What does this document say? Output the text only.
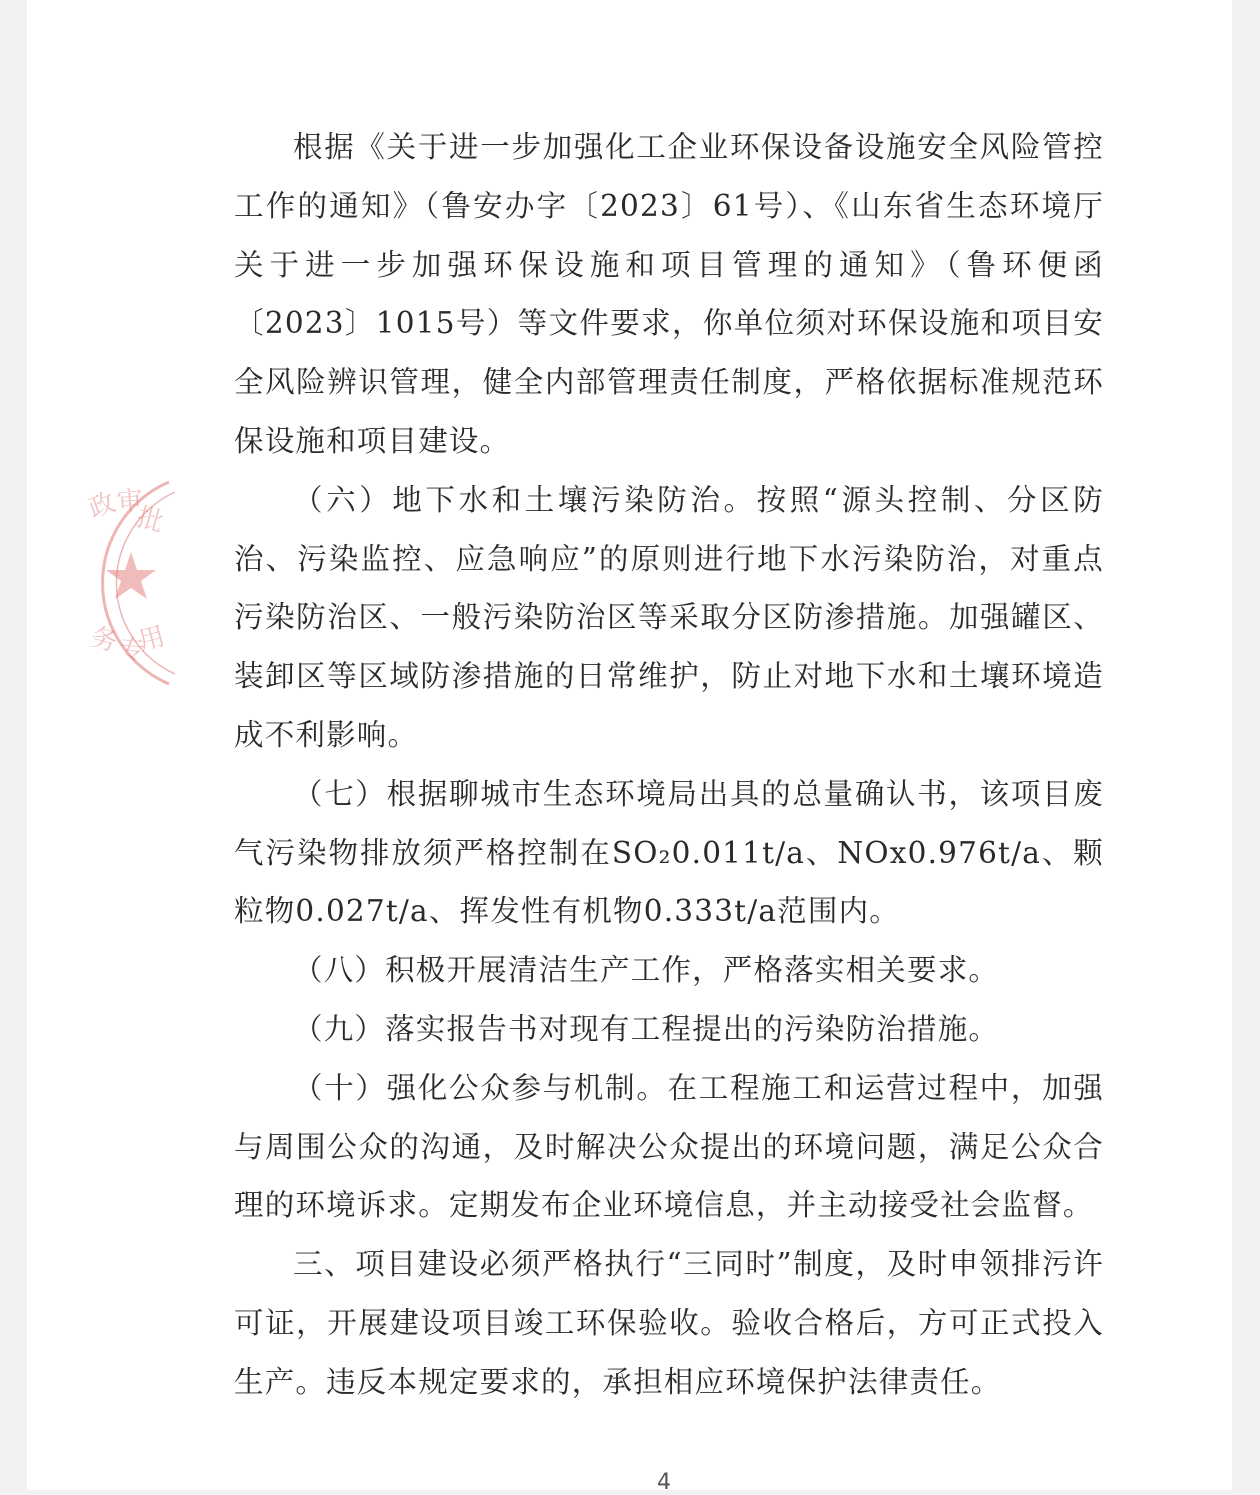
政
审
批
务
专
用

根据《关于进一步加强化工企业环保设备设施安全风险管控工作的通知》（鲁安办字〔2023〕61号）、《山东省生态环境厅关于进一步加强环保设施和项目管理的通知》（鲁环便函〔2023〕1015号）等文件要求，你单位须对环保设施和项目安全风险辨识管理，健全内部管理责任制度，严格依据标准规范环保设施和项目建设。

（六）地下水和土壤污染防治。按照“源头控制、分区防治、污染监控、应急响应”的原则进行地下水污染防治，对重点污染防治区、一般污染防治区等采取分区防渗措施。加强罐区、装卸区等区域防渗措施的日常维护，防止对地下水和土壤环境造成不利影响。

（七）根据聊城市生态环境局出具的总量确认书，该项目废气污染物排放须严格控制在SO₂0.011t/a、NOx0.976t/a、颗粒物0.027t/a、挥发性有机物0.333t/a范围内。

（八）积极开展清洁生产工作，严格落实相关要求。

（九）落实报告书对现有工程提出的污染防治措施。

（十）强化公众参与机制。在工程施工和运营过程中，加强与周围公众的沟通，及时解决公众提出的环境问题，满足公众合理的环境诉求。定期发布企业环境信息，并主动接受社会监督。

三、项目建设必须严格执行“三同时”制度，及时申领排污许可证，开展建设项目竣工环保验收。验收合格后，方可正式投入生产。违反本规定要求的，承担相应环境保护法律责任。

4
